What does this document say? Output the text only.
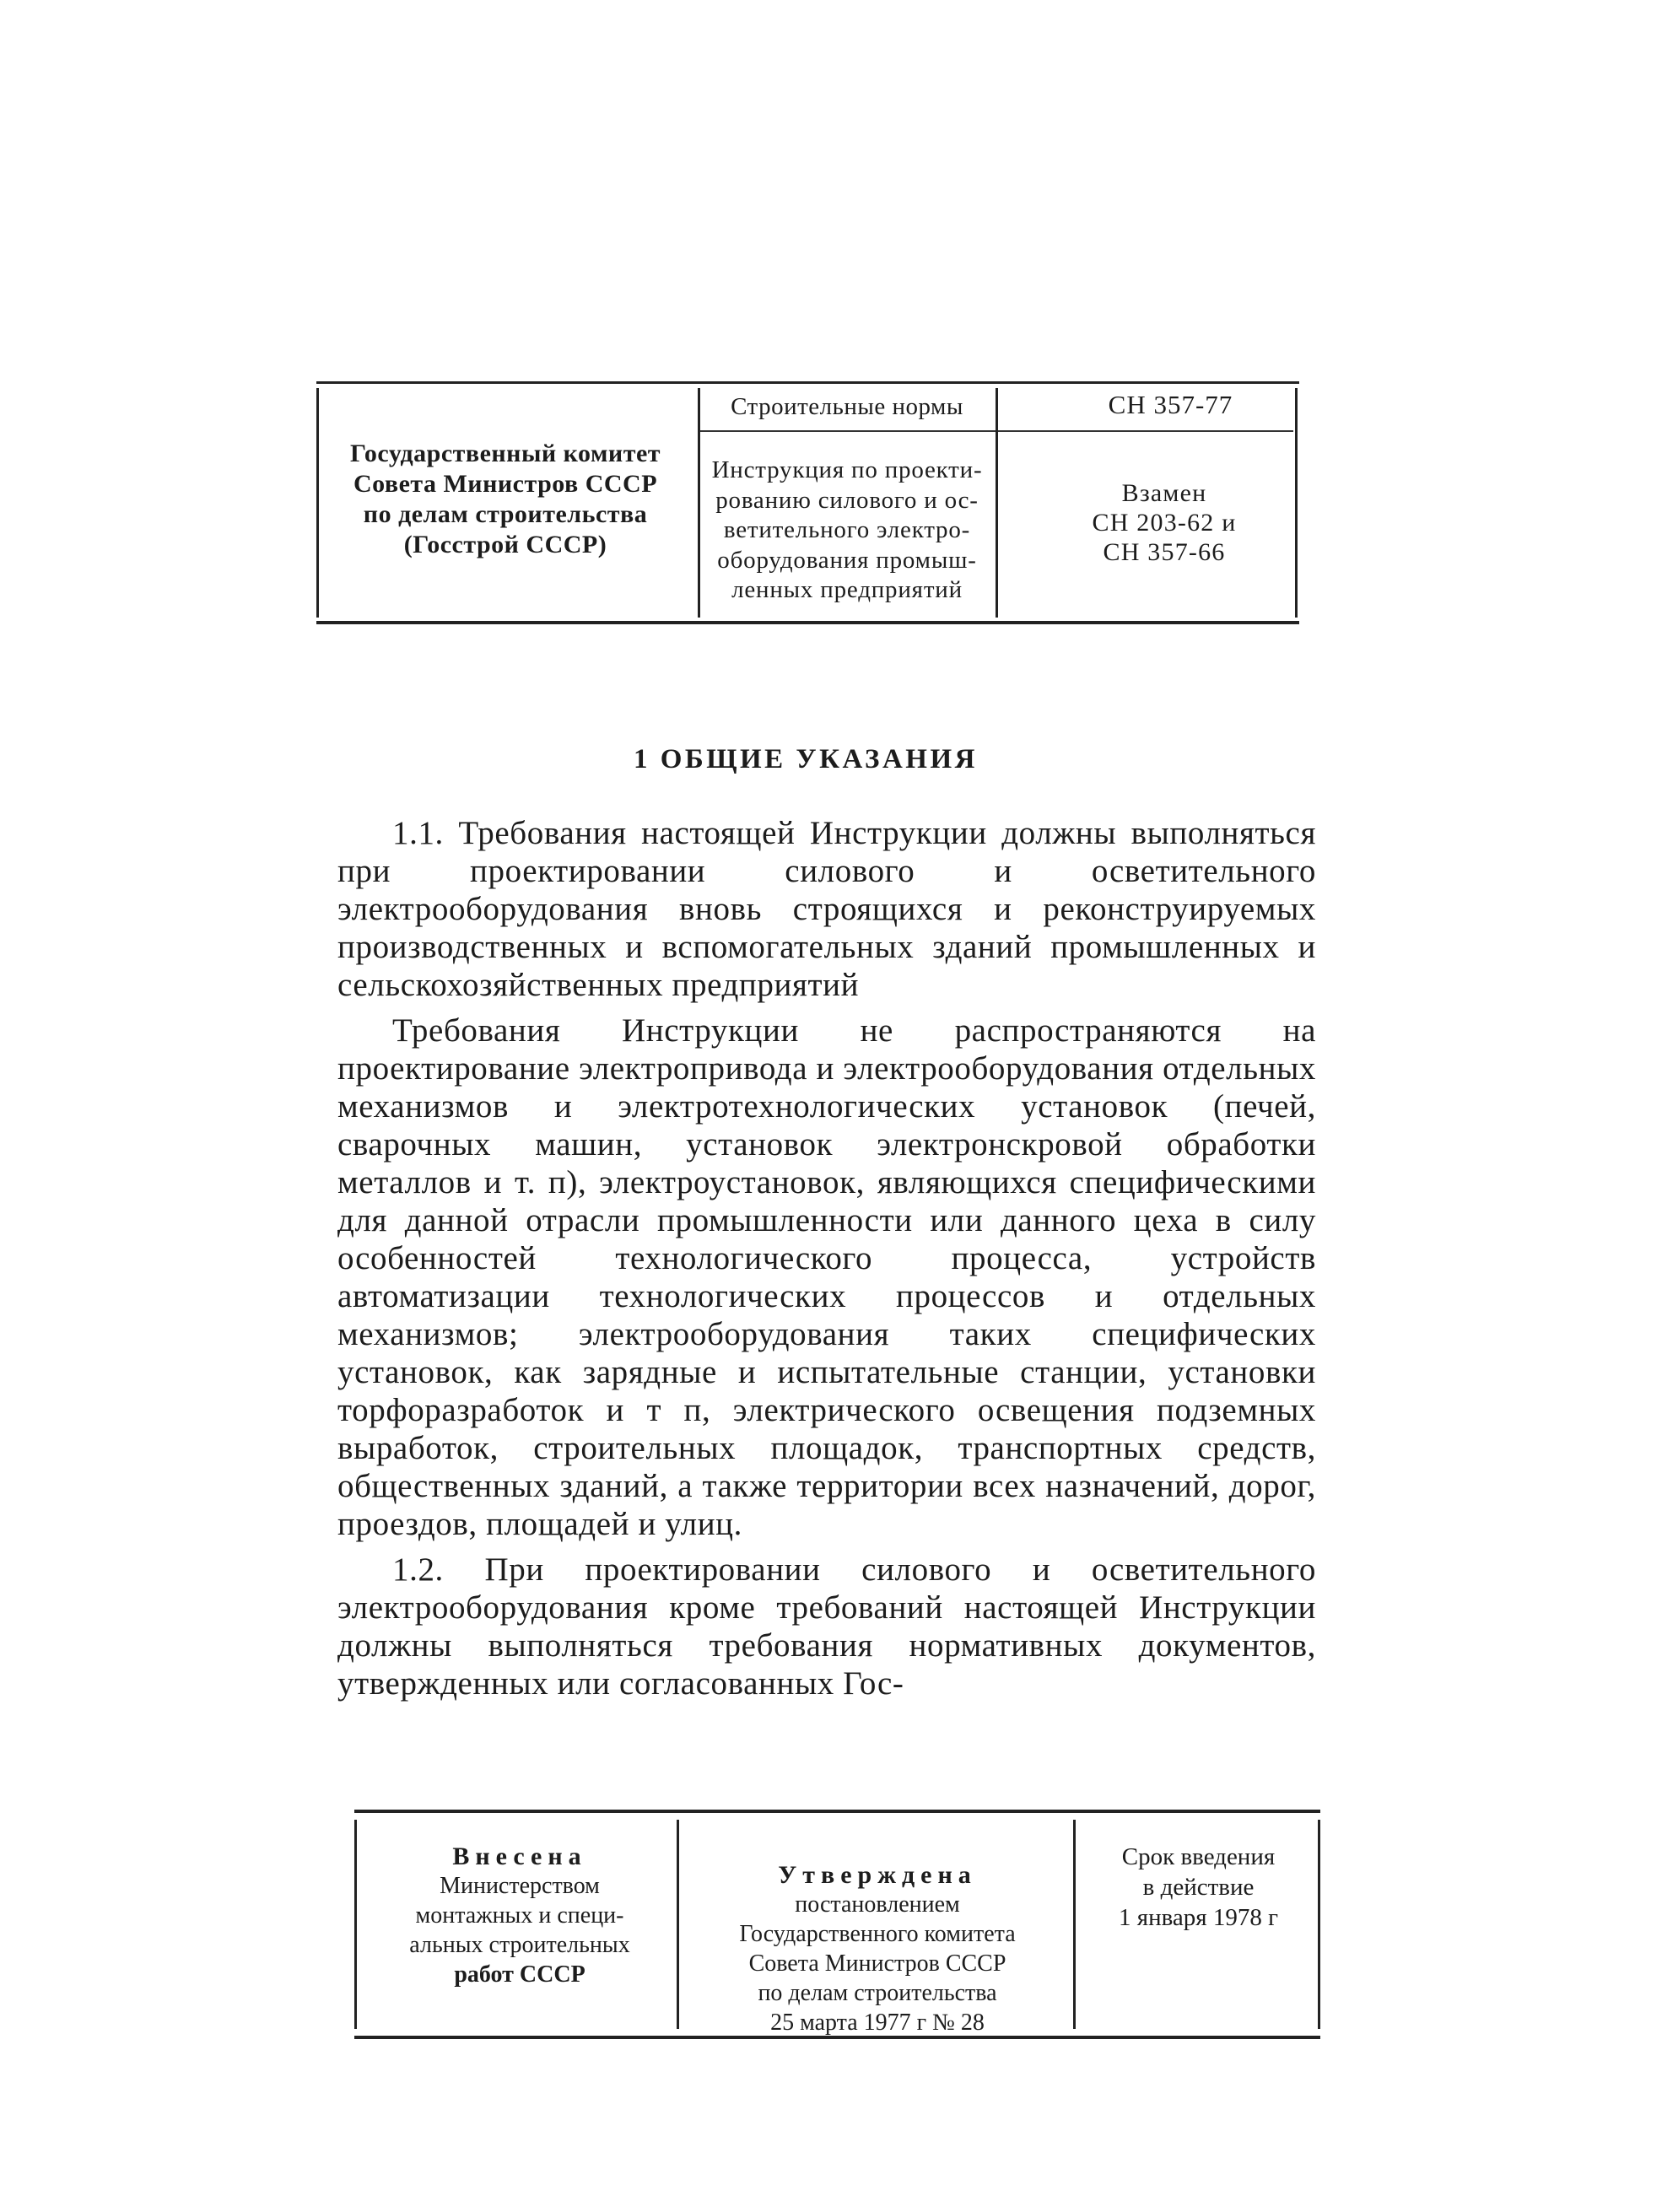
Государственный комитет
Совета Министров СССР
по делам строительства
(Госстрой СССР)
Строительные нормы
Инструкция по проекти-
рованию силового и ос-
ветительного электро-
оборудования промыш-
ленных предприятий
СН 357-77
Взамен
СН 203-62 и
СН 357-66
1 ОБЩИЕ УКАЗАНИЯ

1.1. Требования настоящей Инструкции должны выполняться при проектировании силового и осветительного электрооборудования вновь строящихся и реконструируемых производственных и вспомогательных зданий промышленных и сельскохозяйственных предприятий

Требования Инструкции не распространяются на проектирование электропривода и электрооборудования отдельных механизмов и электротехнологических установок (печей, сварочных машин, установок электронскровой обработки металлов и т. п), электроустановок, являющихся специфическими для данной отрасли промышленности или данного цеха в силу особенностей технологического процесса, устройств автоматизации технологических процессов и отдельных механизмов; электрооборудования таких специфических установок, как зарядные и испытательные станции, установки торфоразработок и т п, электрического освещения подземных выработок, строительных площадок, транспортных средств, общественных зданий, а также территории всех назначений, дорог, проездов, площадей и улиц.

1.2. При проектировании силового и осветительного электрооборудования кроме требований настоящей Инструкции должны выполняться требования нормативных документов, утвержденных или согласованных Гос-

Внесена
Министерством
монтажных и специ-
альных строительных
работ СССР
Утверждена
постановлением
Государственного комитета
Совета Министров СССР
по делам строительства
25 марта 1977 г № 28
Срок введения
в действие
1 января 1978 г
